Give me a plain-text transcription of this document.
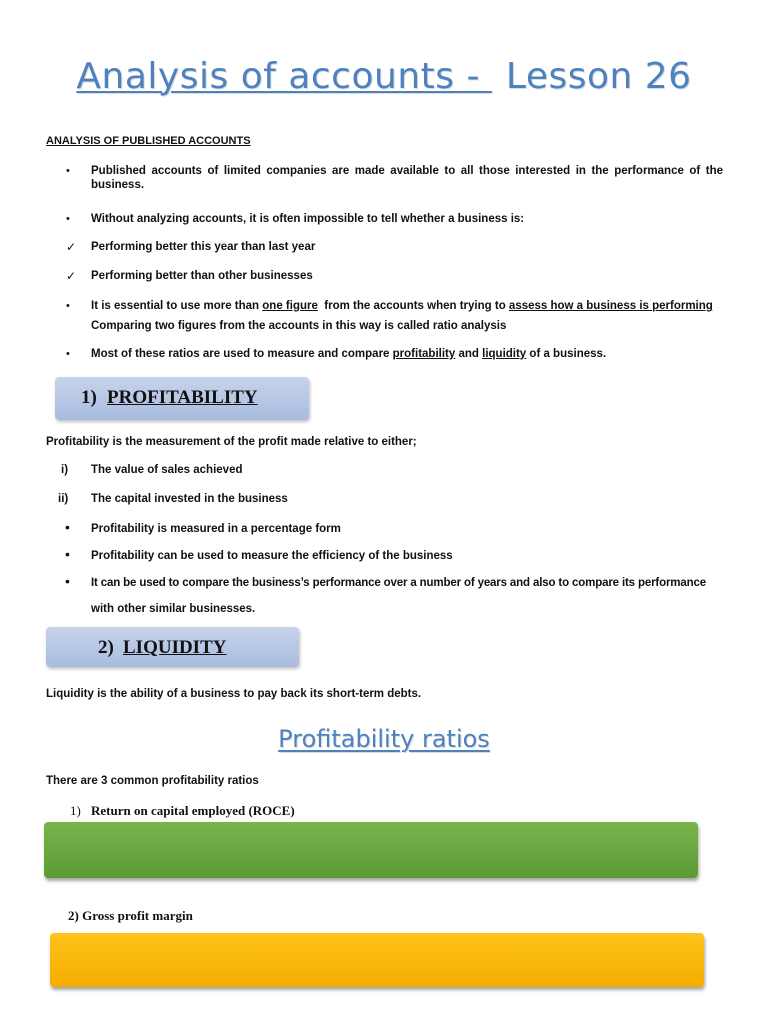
Analysis of accounts - Lesson 26
ANALYSIS OF PUBLISHED ACCOUNTS
• Published accounts of limited companies are made available to all those interested in the performance of the business.
• Without analyzing accounts, it is often impossible to tell whether a business is:
✓ Performing better this year than last year
✓ Performing better than other businesses
• It is essential to use more than one figure  from the accounts when trying to assess how a business is performing
Comparing two figures from the accounts in this way is called ratio analysis
• Most of these ratios are used to measure and compare profitability and liquidity of a business.
1) PROFITABILITY
Profitability is the measurement of the profit made relative to either;
i) The value of sales achieved
ii) The capital invested in the business
• Profitability is measured in a percentage form
• Profitability can be used to measure the efficiency of the business
• It can be used to compare the business’s performance over a number of years and also to compare its performance
with other similar businesses.
2) LIQUIDITY
Liquidity is the ability of a business to pay back its short-term debts.
Profitability ratios
There are 3 common profitability ratios
1) Return on capital employed (ROCE)
2) Gross profit margin
